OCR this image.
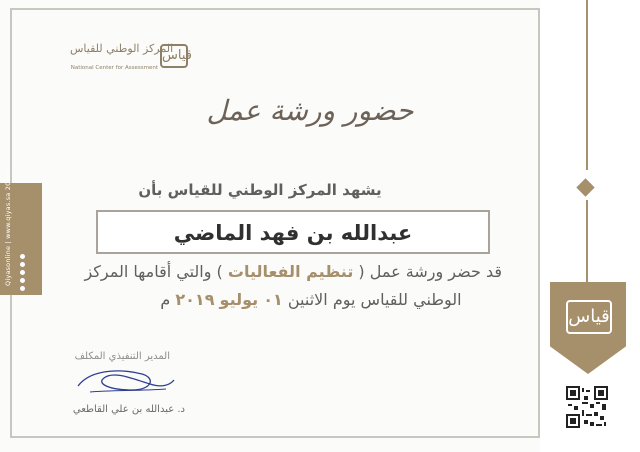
قياس
Qiyasonline | www.qiyas.sa 2018
قياس
المركز الوطني للقياس
National Center for Assessment
حضور ورشة عمل
يشهد المركز الوطني للقياس بأن
عبدالله بن فهد الماضي
قد حضر ورشة عمل ( تنظيم الفعاليات ) والتي أقامها المركز
الوطني للقياس يوم الاثنين ٠١ يوليو ٢٠١٩ م
المدير التنفيذي المكلف
د. عبدالله بن علي القاطعي
